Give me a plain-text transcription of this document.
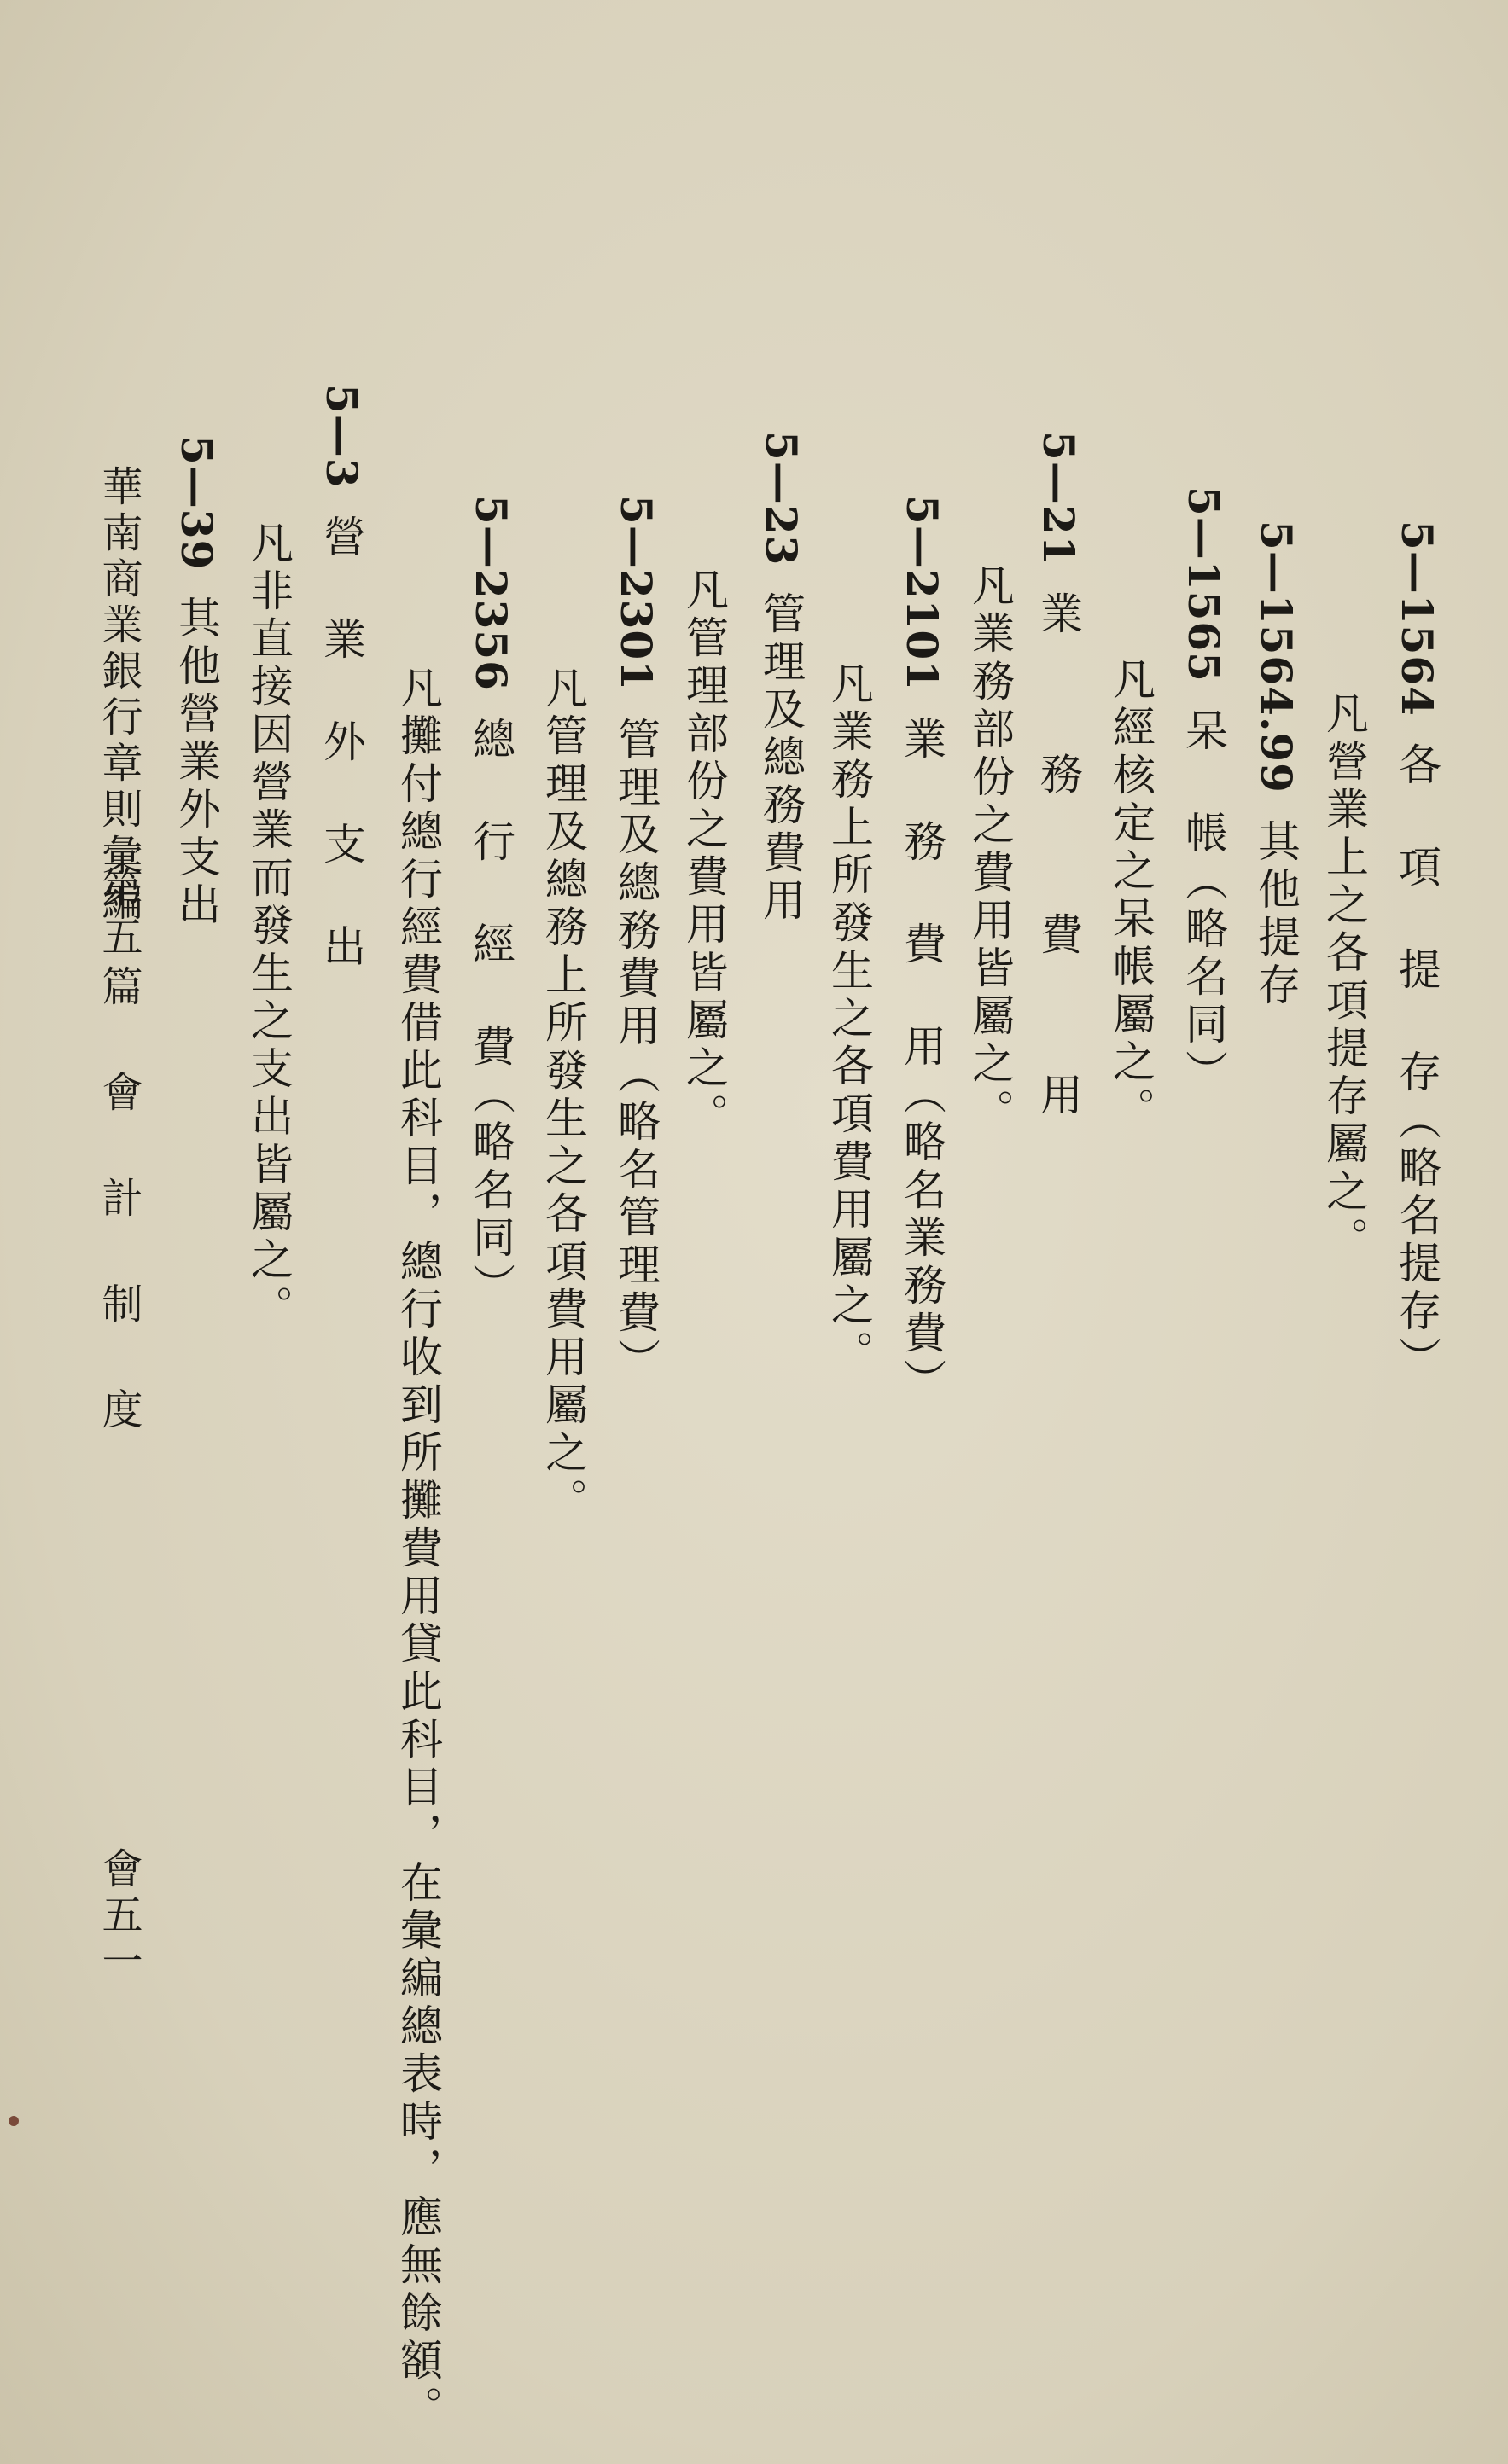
5—1564各 項 提 存（略名提存）
凡營業上之各項提存屬之。
5—1564.99其他提存
5—1565呆 帳（略名同）
凡經核定之呆帳屬之。
5—21業 務 費 用
凡業務部份之費用皆屬之。
5—2101業 務 費 用（略名業務費）
凡業務上所發生之各項費用屬之。
5—23管理及總務費用
凡管理部份之費用皆屬之。
5—2301管理及總務費用（略名管理費）
凡管理及總務上所發生之各項費用屬之。
5—2356總 行 經 費（略名同）
凡攤付總行經費借此科目，總行收到所攤費用貸此科目，在彙編總表時，應無餘額。
5—3營 業 外 支 出
凡非直接因營業而發生之支出皆屬之。
5—39其他營業外支出
華南商業銀行章則彙編
第五篇 會 計 制 度
會五一
